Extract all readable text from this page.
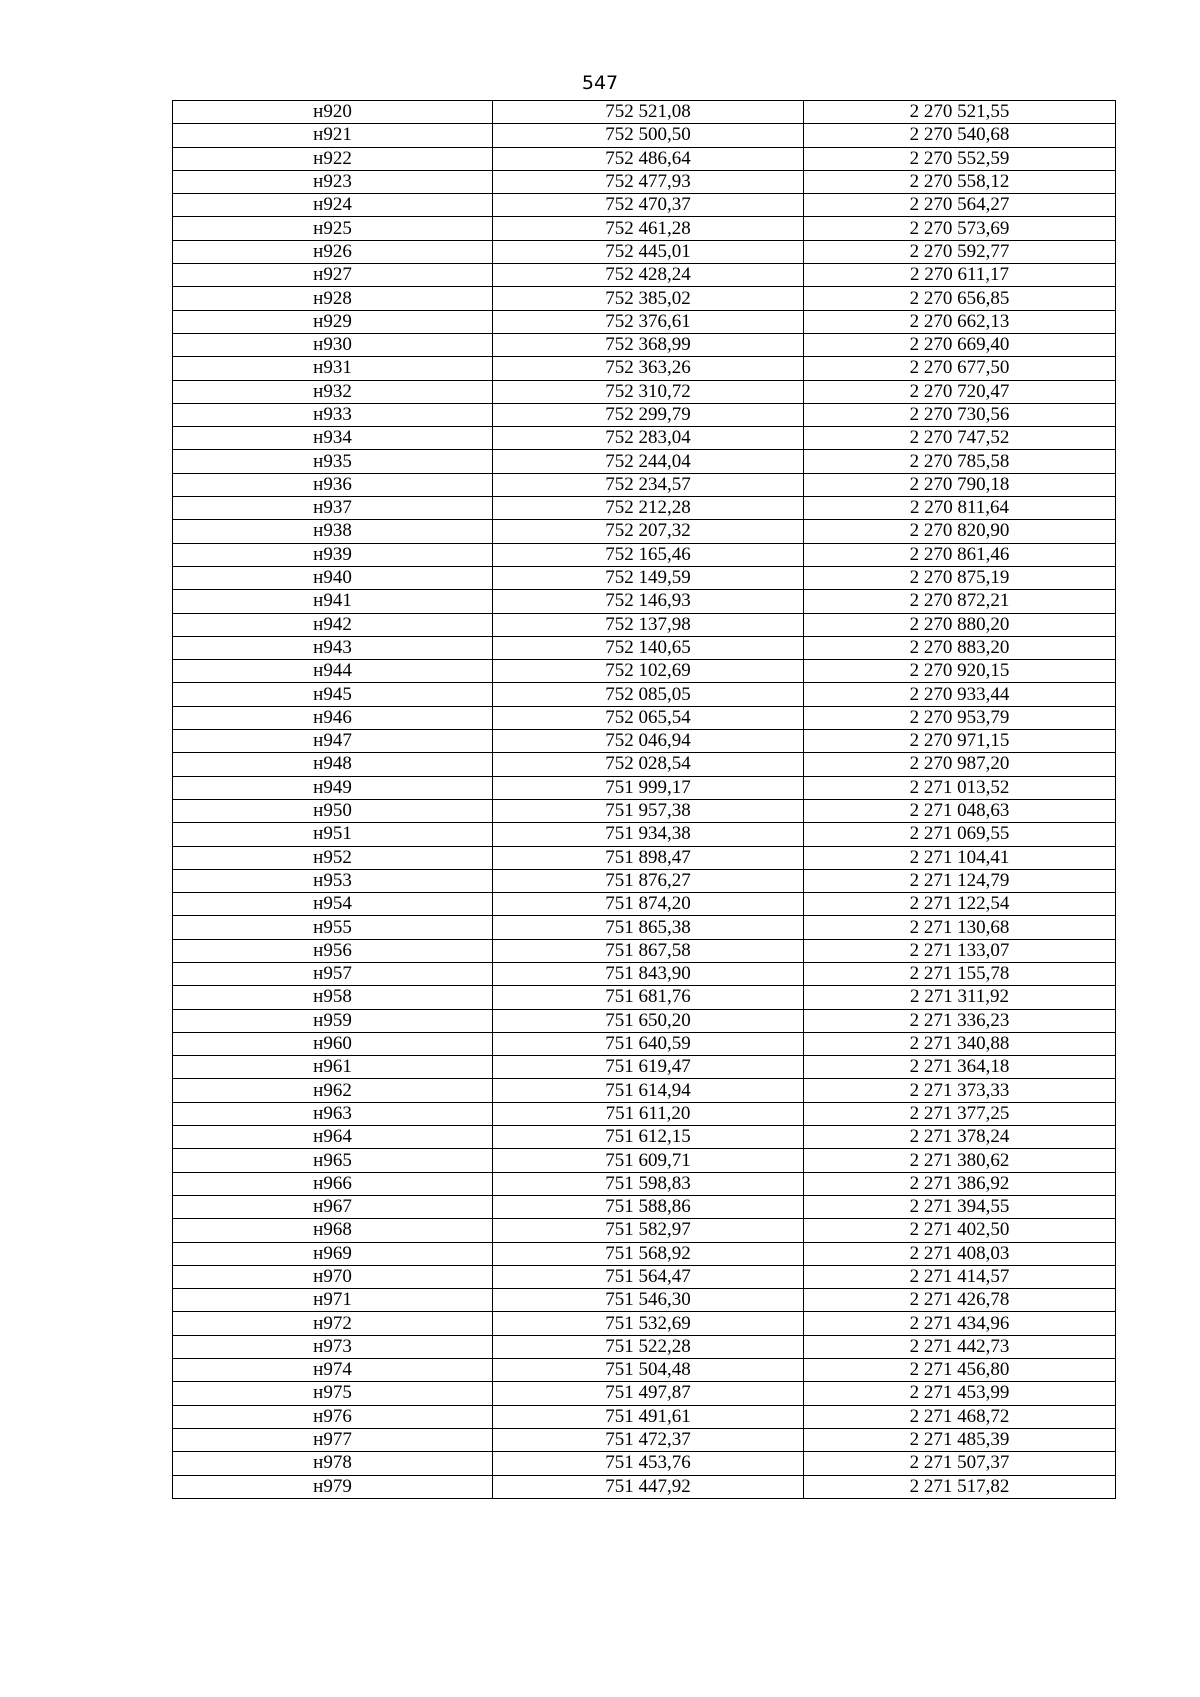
547
н920	752 521,08	2 270 521,55
н921	752 500,50	2 270 540,68
н922	752 486,64	2 270 552,59
н923	752 477,93	2 270 558,12
н924	752 470,37	2 270 564,27
н925	752 461,28	2 270 573,69
н926	752 445,01	2 270 592,77
н927	752 428,24	2 270 611,17
н928	752 385,02	2 270 656,85
н929	752 376,61	2 270 662,13
н930	752 368,99	2 270 669,40
н931	752 363,26	2 270 677,50
н932	752 310,72	2 270 720,47
н933	752 299,79	2 270 730,56
н934	752 283,04	2 270 747,52
н935	752 244,04	2 270 785,58
н936	752 234,57	2 270 790,18
н937	752 212,28	2 270 811,64
н938	752 207,32	2 270 820,90
н939	752 165,46	2 270 861,46
н940	752 149,59	2 270 875,19
н941	752 146,93	2 270 872,21
н942	752 137,98	2 270 880,20
н943	752 140,65	2 270 883,20
н944	752 102,69	2 270 920,15
н945	752 085,05	2 270 933,44
н946	752 065,54	2 270 953,79
н947	752 046,94	2 270 971,15
н948	752 028,54	2 270 987,20
н949	751 999,17	2 271 013,52
н950	751 957,38	2 271 048,63
н951	751 934,38	2 271 069,55
н952	751 898,47	2 271 104,41
н953	751 876,27	2 271 124,79
н954	751 874,20	2 271 122,54
н955	751 865,38	2 271 130,68
н956	751 867,58	2 271 133,07
н957	751 843,90	2 271 155,78
н958	751 681,76	2 271 311,92
н959	751 650,20	2 271 336,23
н960	751 640,59	2 271 340,88
н961	751 619,47	2 271 364,18
н962	751 614,94	2 271 373,33
н963	751 611,20	2 271 377,25
н964	751 612,15	2 271 378,24
н965	751 609,71	2 271 380,62
н966	751 598,83	2 271 386,92
н967	751 588,86	2 271 394,55
н968	751 582,97	2 271 402,50
н969	751 568,92	2 271 408,03
н970	751 564,47	2 271 414,57
н971	751 546,30	2 271 426,78
н972	751 532,69	2 271 434,96
н973	751 522,28	2 271 442,73
н974	751 504,48	2 271 456,80
н975	751 497,87	2 271 453,99
н976	751 491,61	2 271 468,72
н977	751 472,37	2 271 485,39
н978	751 453,76	2 271 507,37
н979	751 447,92	2 271 517,82
